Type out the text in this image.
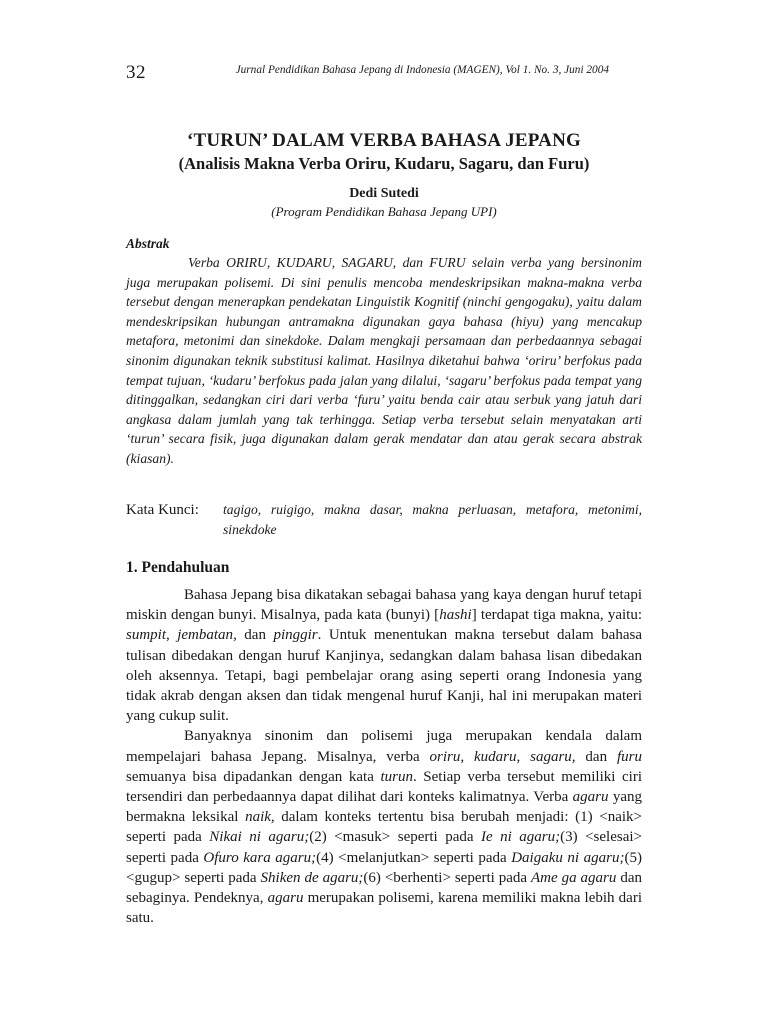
32	Jurnal Pendidikan Bahasa Jepang di Indonesia (MAGEN), Vol 1. No. 3, Juni 2004
‘TURUN’ DALAM VERBA BAHASA JEPANG
(Analisis Makna Verba Oriru, Kudaru, Sagaru, dan Furu)

Dedi Sutedi

(Program Pendidikan Bahasa Jepang UPI)

Abstrak

Verba ORIRU, KUDARU, SAGARU, dan FURU selain verba yang bersinonim juga merupakan polisemi. Di sini penulis mencoba mendeskripsikan makna-makna verba tersebut dengan menerapkan pendekatan Linguistik Kognitif (ninchi gengogaku), yaitu dalam mendeskripsikan hubungan antramakna digunakan gaya bahasa (hiyu) yang mencakup metafora, metonimi dan sinekdoke. Dalam mengkaji persamaan dan perbedaannya sebagai sinonim digunakan teknik substitusi kalimat. Hasilnya diketahui bahwa ‘oriru’ berfokus pada tempat tujuan, ‘kudaru’ berfokus pada jalan yang dilalui, ‘sagaru’ berfokus pada tempat yang ditinggalkan, sedangkan ciri dari verba ‘furu’ yaitu benda cair atau serbuk yang jatuh dari angkasa dalam jumlah yang tak terhingga. Setiap verba tersebut selain menyatakan arti ‘turun’ secara fisik, juga digunakan dalam gerak mendatar dan atau gerak secara abstrak (kiasan).

Kata Kunci: tagigo, ruigigo, makna dasar, makna perluasan, metafora, metonimi, sinekdoke

1. Pendahuluan

Bahasa Jepang bisa dikatakan sebagai bahasa yang kaya dengan huruf tetapi miskin dengan bunyi. Misalnya, pada kata (bunyi) [hashi] terdapat tiga makna, yaitu: sumpit, jembatan, dan pinggir. Untuk menentukan makna tersebut dalam bahasa tulisan dibedakan dengan huruf Kanjinya, sedangkan dalam bahasa lisan dibedakan oleh aksennya. Tetapi, bagi pembelajar orang asing seperti orang Indonesia yang tidak akrab dengan aksen dan tidak mengenal huruf Kanji, hal ini merupakan materi yang cukup sulit.

Banyaknya sinonim dan polisemi juga merupakan kendala dalam mempelajari bahasa Jepang. Misalnya, verba oriru, kudaru, sagaru, dan furu semuanya bisa dipadankan dengan kata turun. Setiap verba tersebut memiliki ciri tersendiri dan perbedaannya dapat dilihat dari konteks kalimatnya. Verba agaru yang bermakna leksikal naik, dalam konteks tertentu bisa berubah menjadi: (1) <naik> seperti pada Nikai ni agaru;(2) <masuk> seperti pada Ie ni agaru;(3) <selesai> seperti pada Ofuro kara agaru;(4) <melanjutkan> seperti pada Daigaku ni agaru;(5) <gugup> seperti pada Shiken de agaru;(6) <berhenti> seperti pada Ame ga agaru dan sebaginya. Pendeknya, agaru merupakan polisemi, karena memiliki makna lebih dari satu.
